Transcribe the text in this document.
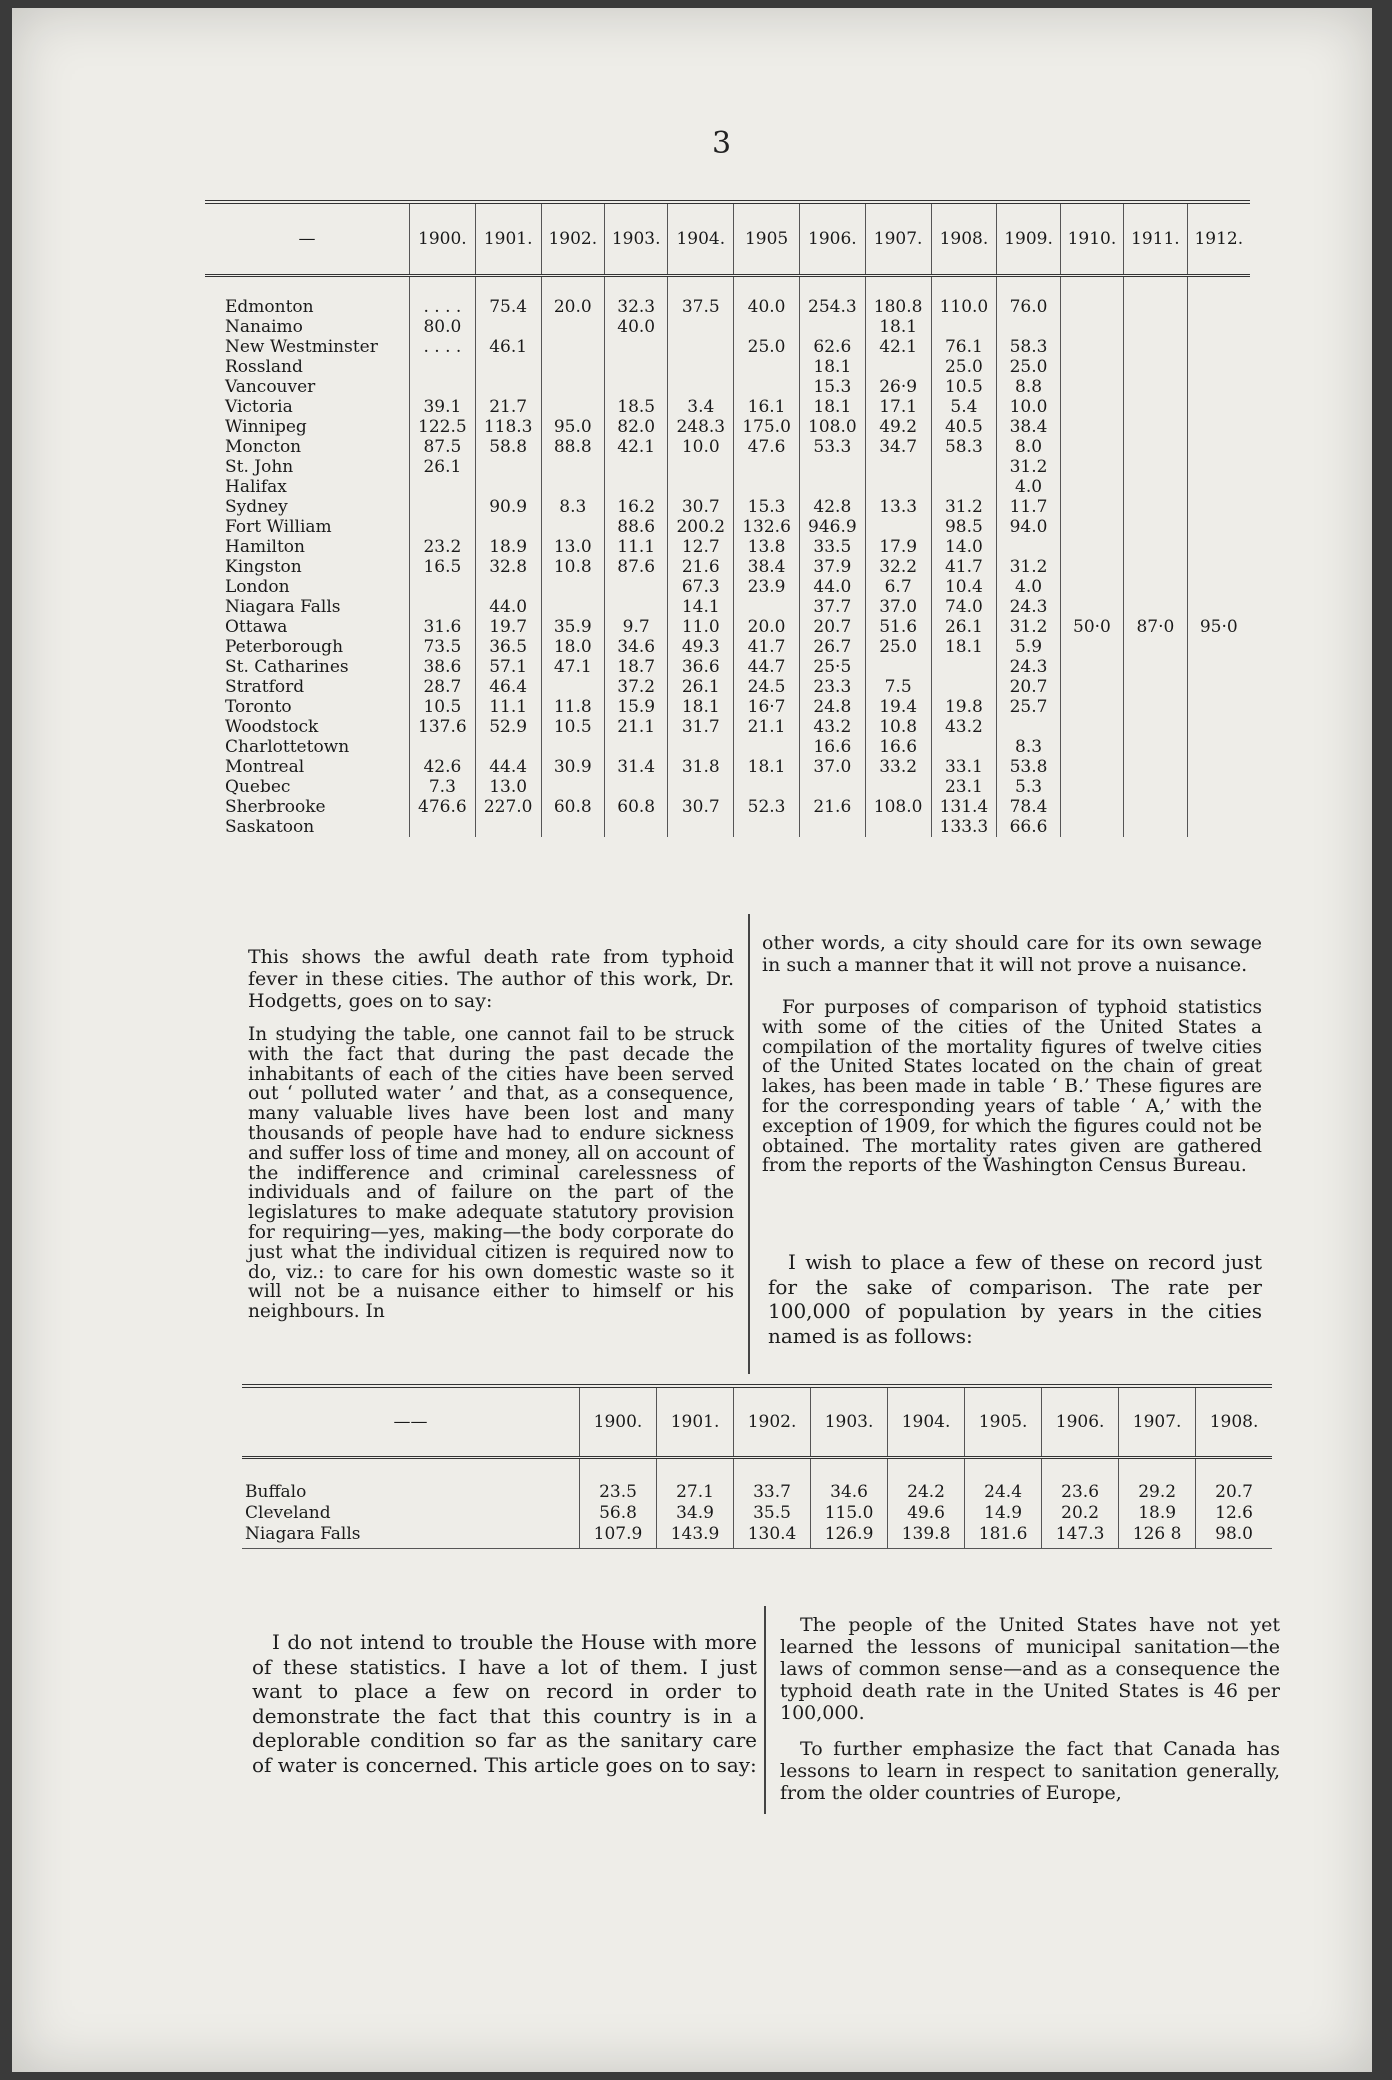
3
—	1900.	1901.	1902.	1903.	1904.	1905	1906.	1907.	1908.	1909.	1910.	1911.	1912.
Edmonton	. . . .	75.4	20.0	32.3	37.5	40.0	254.3	180.8	110.0	76.0			
Nanaimo	80.0			40.0				18.1					
New Westminster	. . . .	46.1				25.0	62.6	42.1	76.1	58.3			
Rossland							18.1		25.0	25.0			
Vancouver							15.3	26·9	10.5	8.8			
Victoria	39.1	21.7		18.5	3.4	16.1	18.1	17.1	5.4	10.0			
Winnipeg	122.5	118.3	95.0	82.0	248.3	175.0	108.0	49.2	40.5	38.4			
Moncton	87.5	58.8	88.8	42.1	10.0	47.6	53.3	34.7	58.3	8.0			
St. John	26.1									31.2			
Halifax										4.0			
Sydney		90.9	8.3	16.2	30.7	15.3	42.8	13.3	31.2	11.7			
Fort William				88.6	200.2	132.6	946.9		98.5	94.0			
Hamilton	23.2	18.9	13.0	11.1	12.7	13.8	33.5	17.9	14.0				
Kingston	16.5	32.8	10.8	87.6	21.6	38.4	37.9	32.2	41.7	31.2			
London					67.3	23.9	44.0	6.7	10.4	4.0			
Niagara Falls		44.0			14.1		37.7	37.0	74.0	24.3			
Ottawa	31.6	19.7	35.9	9.7	11.0	20.0	20.7	51.6	26.1	31.2	50·0	87·0	95·0
Peterborough	73.5	36.5	18.0	34.6	49.3	41.7	26.7	25.0	18.1	5.9			
St. Catharines	38.6	57.1	47.1	18.7	36.6	44.7	25·5			24.3			
Stratford	28.7	46.4		37.2	26.1	24.5	23.3	7.5		20.7			
Toronto	10.5	11.1	11.8	15.9	18.1	16·7	24.8	19.4	19.8	25.7			
Woodstock	137.6	52.9	10.5	21.1	31.7	21.1	43.2	10.8	43.2				
Charlottetown							16.6	16.6		8.3			
Montreal	42.6	44.4	30.9	31.4	31.8	18.1	37.0	33.2	33.1	53.8			
Quebec	7.3	13.0							23.1	5.3			
Sherbrooke	476.6	227.0	60.8	60.8	30.7	52.3	21.6	108.0	131.4	78.4			
Saskatoon									133.3	66.6			

This shows the awful death rate from typhoid fever in these cities. The author of this work, Dr. Hodgetts, goes on to say:

In studying the table, one cannot fail to be struck with the fact that during the past decade the inhabitants of each of the cities have been served out ‘ polluted water ’ and that, as a consequence, many valuable lives have been lost and many thousands of people have had to endure sickness and suffer loss of time and money, all on account of the indifference and criminal carelessness of individuals and of failure on the part of the legislatures to make adequate statutory provision for requiring—yes, making—the body corporate do just what the individual citizen is required now to do, viz.: to care for his own domestic waste so it will not be a nuisance either to himself or his neighbours. In

other words, a city should care for its own sewage in such a manner that it will not prove a nuisance.

For purposes of comparison of typhoid statistics with some of the cities of the United States a compilation of the mortality figures of twelve cities of the United States located on the chain of great lakes, has been made in table ‘ B.’ These figures are for the corresponding years of table ‘ A,’ with the exception of 1909, for which the figures could not be obtained. The mortality rates given are gathered from the reports of the Washington Census Bureau.

I wish to place a few of these on record just for the sake of comparison. The rate per 100,000 of population by years in the cities named is as follows:

——	1900.	1901.	1902.	1903.	1904.	1905.	1906.	1907.	1908.
Buffalo	23.5	27.1	33.7	34.6	24.2	24.4	23.6	29.2	20.7
Cleveland	56.8	34.9	35.5	115.0	49.6	14.9	20.2	18.9	12.6
Niagara Falls	107.9	143.9	130.4	126.9	139.8	181.6	147.3	126 8	98.0

I do not intend to trouble the House with more of these statistics. I have a lot of them. I just want to place a few on record in order to demonstrate the fact that this country is in a deplorable condition so far as the sanitary care of water is concerned. This article goes on to say:

The people of the United States have not yet learned the lessons of municipal sanitation—the laws of common sense—and as a consequence the typhoid death rate in the United States is 46 per 100,000.

To further emphasize the fact that Canada has lessons to learn in respect to sanitation generally, from the older countries of Europe,
